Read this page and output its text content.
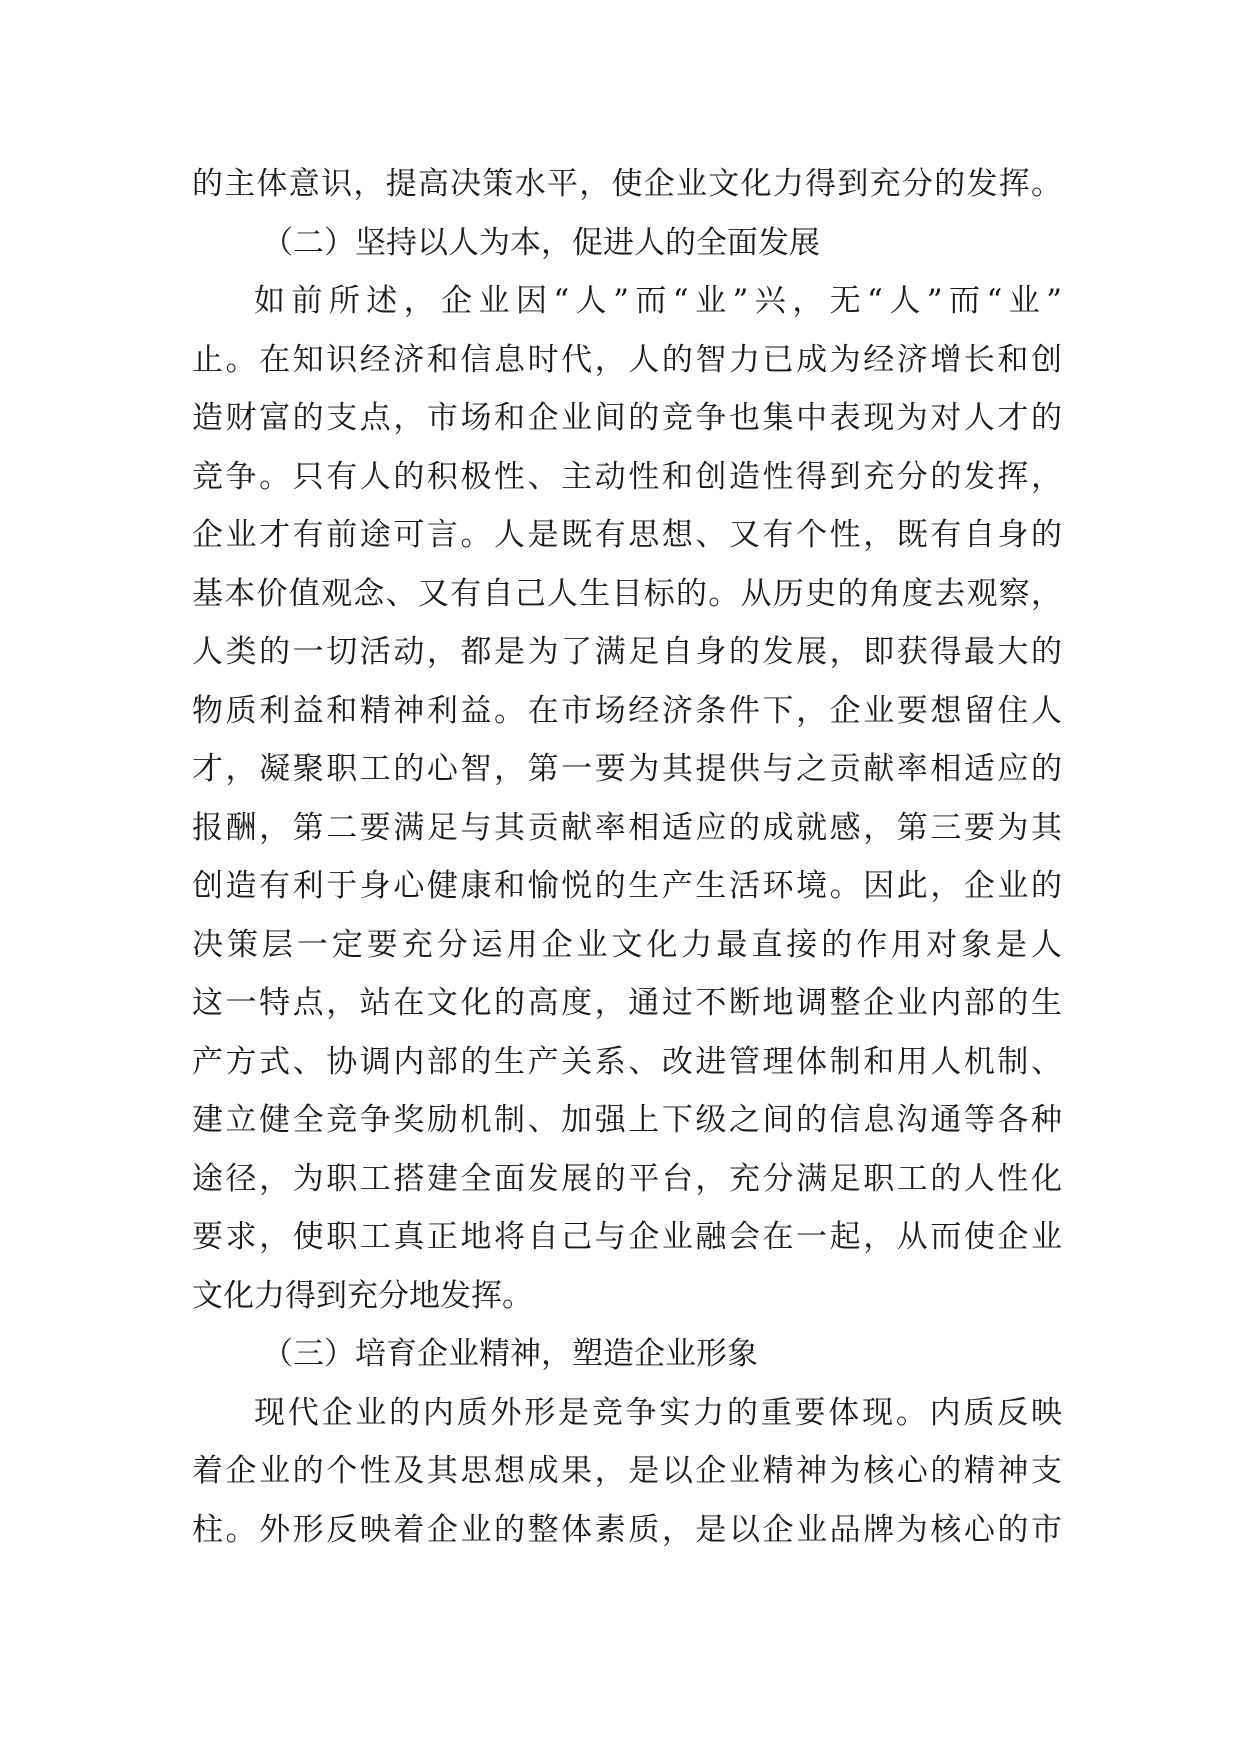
的主体意识，提高决策水平，使企业文化力得到充分的发挥。
（二）坚持以人为本，促进人的全面发展
如前所述，企业因“人”而“业”兴，无“人”而“业”
止。在知识经济和信息时代，人的智力已成为经济增长和创
造财富的支点，市场和企业间的竞争也集中表现为对人才的
竞争。只有人的积极性、主动性和创造性得到充分的发挥，
企业才有前途可言。人是既有思想、又有个性，既有自身的
基本价值观念、又有自己人生目标的。从历史的角度去观察，
人类的一切活动，都是为了满足自身的发展，即获得最大的
物质利益和精神利益。在市场经济条件下，企业要想留住人
才，凝聚职工的心智，第一要为其提供与之贡献率相适应的
报酬，第二要满足与其贡献率相适应的成就感，第三要为其
创造有利于身心健康和愉悦的生产生活环境。因此，企业的
决策层一定要充分运用企业文化力最直接的作用对象是人
这一特点，站在文化的高度，通过不断地调整企业内部的生
产方式、协调内部的生产关系、改进管理体制和用人机制、
建立健全竞争奖励机制、加强上下级之间的信息沟通等各种
途径，为职工搭建全面发展的平台，充分满足职工的人性化
要求，使职工真正地将自己与企业融会在一起，从而使企业
文化力得到充分地发挥。
（三）培育企业精神，塑造企业形象
现代企业的内质外形是竞争实力的重要体现。内质反映
着企业的个性及其思想成果，是以企业精神为核心的精神支
柱。外形反映着企业的整体素质，是以企业品牌为核心的市
